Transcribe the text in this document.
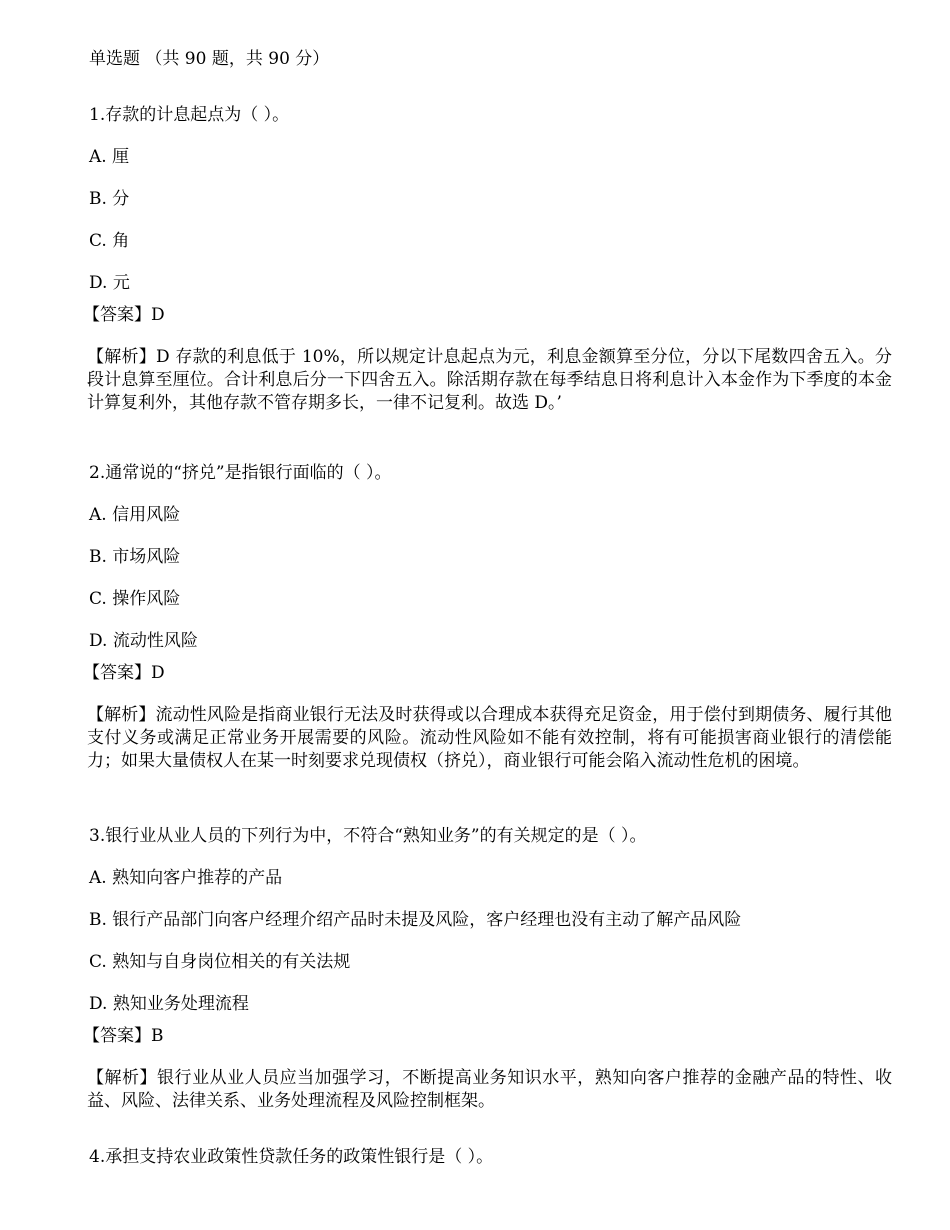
单选题 （共 90 题，共 90 分）

1.存款的计息起点为（ ）。

A. 厘

B. 分

C. 角

D. 元

【答案】D

【解析】D 存款的利息低于 10%，所以规定计息起点为元，利息金额算至分位，分以下尾数四舍五入。分段计息算至厘位。合计利息后分一下四舍五入。除活期存款在每季结息日将利息计入本金作为下季度的本金计算复利外，其他存款不管存期多长，一律不记复利。故选 D。’

2.通常说的“挤兑”是指银行面临的（ ）。

A. 信用风险

B. 市场风险

C. 操作风险

D. 流动性风险

【答案】D

【解析】流动性风险是指商业银行无法及时获得或以合理成本获得充足资金，用于偿付到期债务、履行其他支付义务或满足正常业务开展需要的风险。流动性风险如不能有效控制，将有可能损害商业银行的清偿能力；如果大量债权人在某一时刻要求兑现债权（挤兑），商业银行可能会陷入流动性危机的困境。

3.银行业从业人员的下列行为中，不符合“熟知业务”的有关规定的是（ ）。

A. 熟知向客户推荐的产品

B. 银行产品部门向客户经理介绍产品时未提及风险，客户经理也没有主动了解产品风险

C. 熟知与自身岗位相关的有关法规

D. 熟知业务处理流程

【答案】B

【解析】银行业从业人员应当加强学习，不断提高业务知识水平，熟知向客户推荐的金融产品的特性、收益、风险、法律关系、业务处理流程及风险控制框架。

4.承担支持农业政策性贷款任务的政策性银行是（ ）。
